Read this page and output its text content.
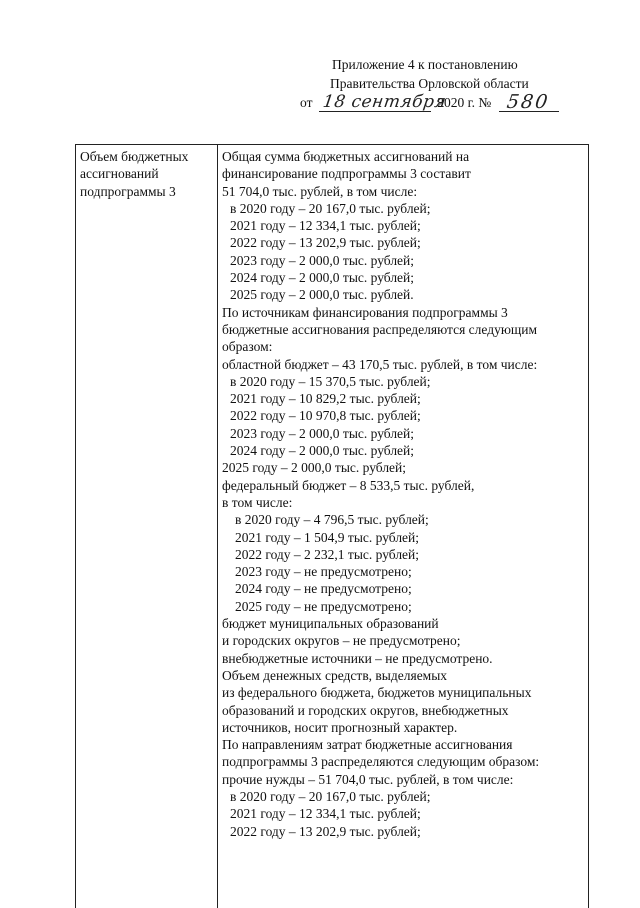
Приложение 4 к постановлению
Правительства Орловской области
от 18 сентября
2020 г. № 580
Объем бюджетных
ассигнований
подпрограммы 3

Общая сумма бюджетных ассигнований на
финансирование подпрограммы 3 составит
51 704,0 тыс. рублей, в том числе:
в 2020 году – 20 167,0 тыс. рублей;
2021 году – 12 334,1 тыс. рублей;
2022 году – 13 202,9 тыс. рублей;
2023 году – 2 000,0 тыс. рублей;
2024 году – 2 000,0 тыс. рублей;
2025 году – 2 000,0 тыс. рублей.
По источникам финансирования подпрограммы 3
бюджетные ассигнования распределяются следующим
образом:
областной бюджет – 43 170,5 тыс. рублей, в том числе:
в 2020 году – 15 370,5 тыс. рублей;
2021 году – 10 829,2 тыс. рублей;
2022 году – 10 970,8 тыс. рублей;
2023 году – 2 000,0 тыс. рублей;
2024 году – 2 000,0 тыс. рублей;
2025 году – 2 000,0 тыс. рублей;
федеральный бюджет – 8 533,5 тыс. рублей,
в том числе:
в 2020 году – 4 796,5 тыс. рублей;
2021 году – 1 504,9 тыс. рублей;
2022 году – 2 232,1 тыс. рублей;
2023 году – не предусмотрено;
2024 году – не предусмотрено;
2025 году – не предусмотрено;
бюджет муниципальных образований
и городских округов – не предусмотрено;
внебюджетные источники – не предусмотрено.
Объем денежных средств, выделяемых
из федерального бюджета, бюджетов муниципальных
образований и городских округов, внебюджетных
источников, носит прогнозный характер.
По направлениям затрат бюджетные ассигнования
подпрограммы 3 распределяются следующим образом:
прочие нужды – 51 704,0 тыс. рублей, в том числе:
в 2020 году – 20 167,0 тыс. рублей;
2021 году – 12 334,1 тыс. рублей;
2022 году – 13 202,9 тыс. рублей;
